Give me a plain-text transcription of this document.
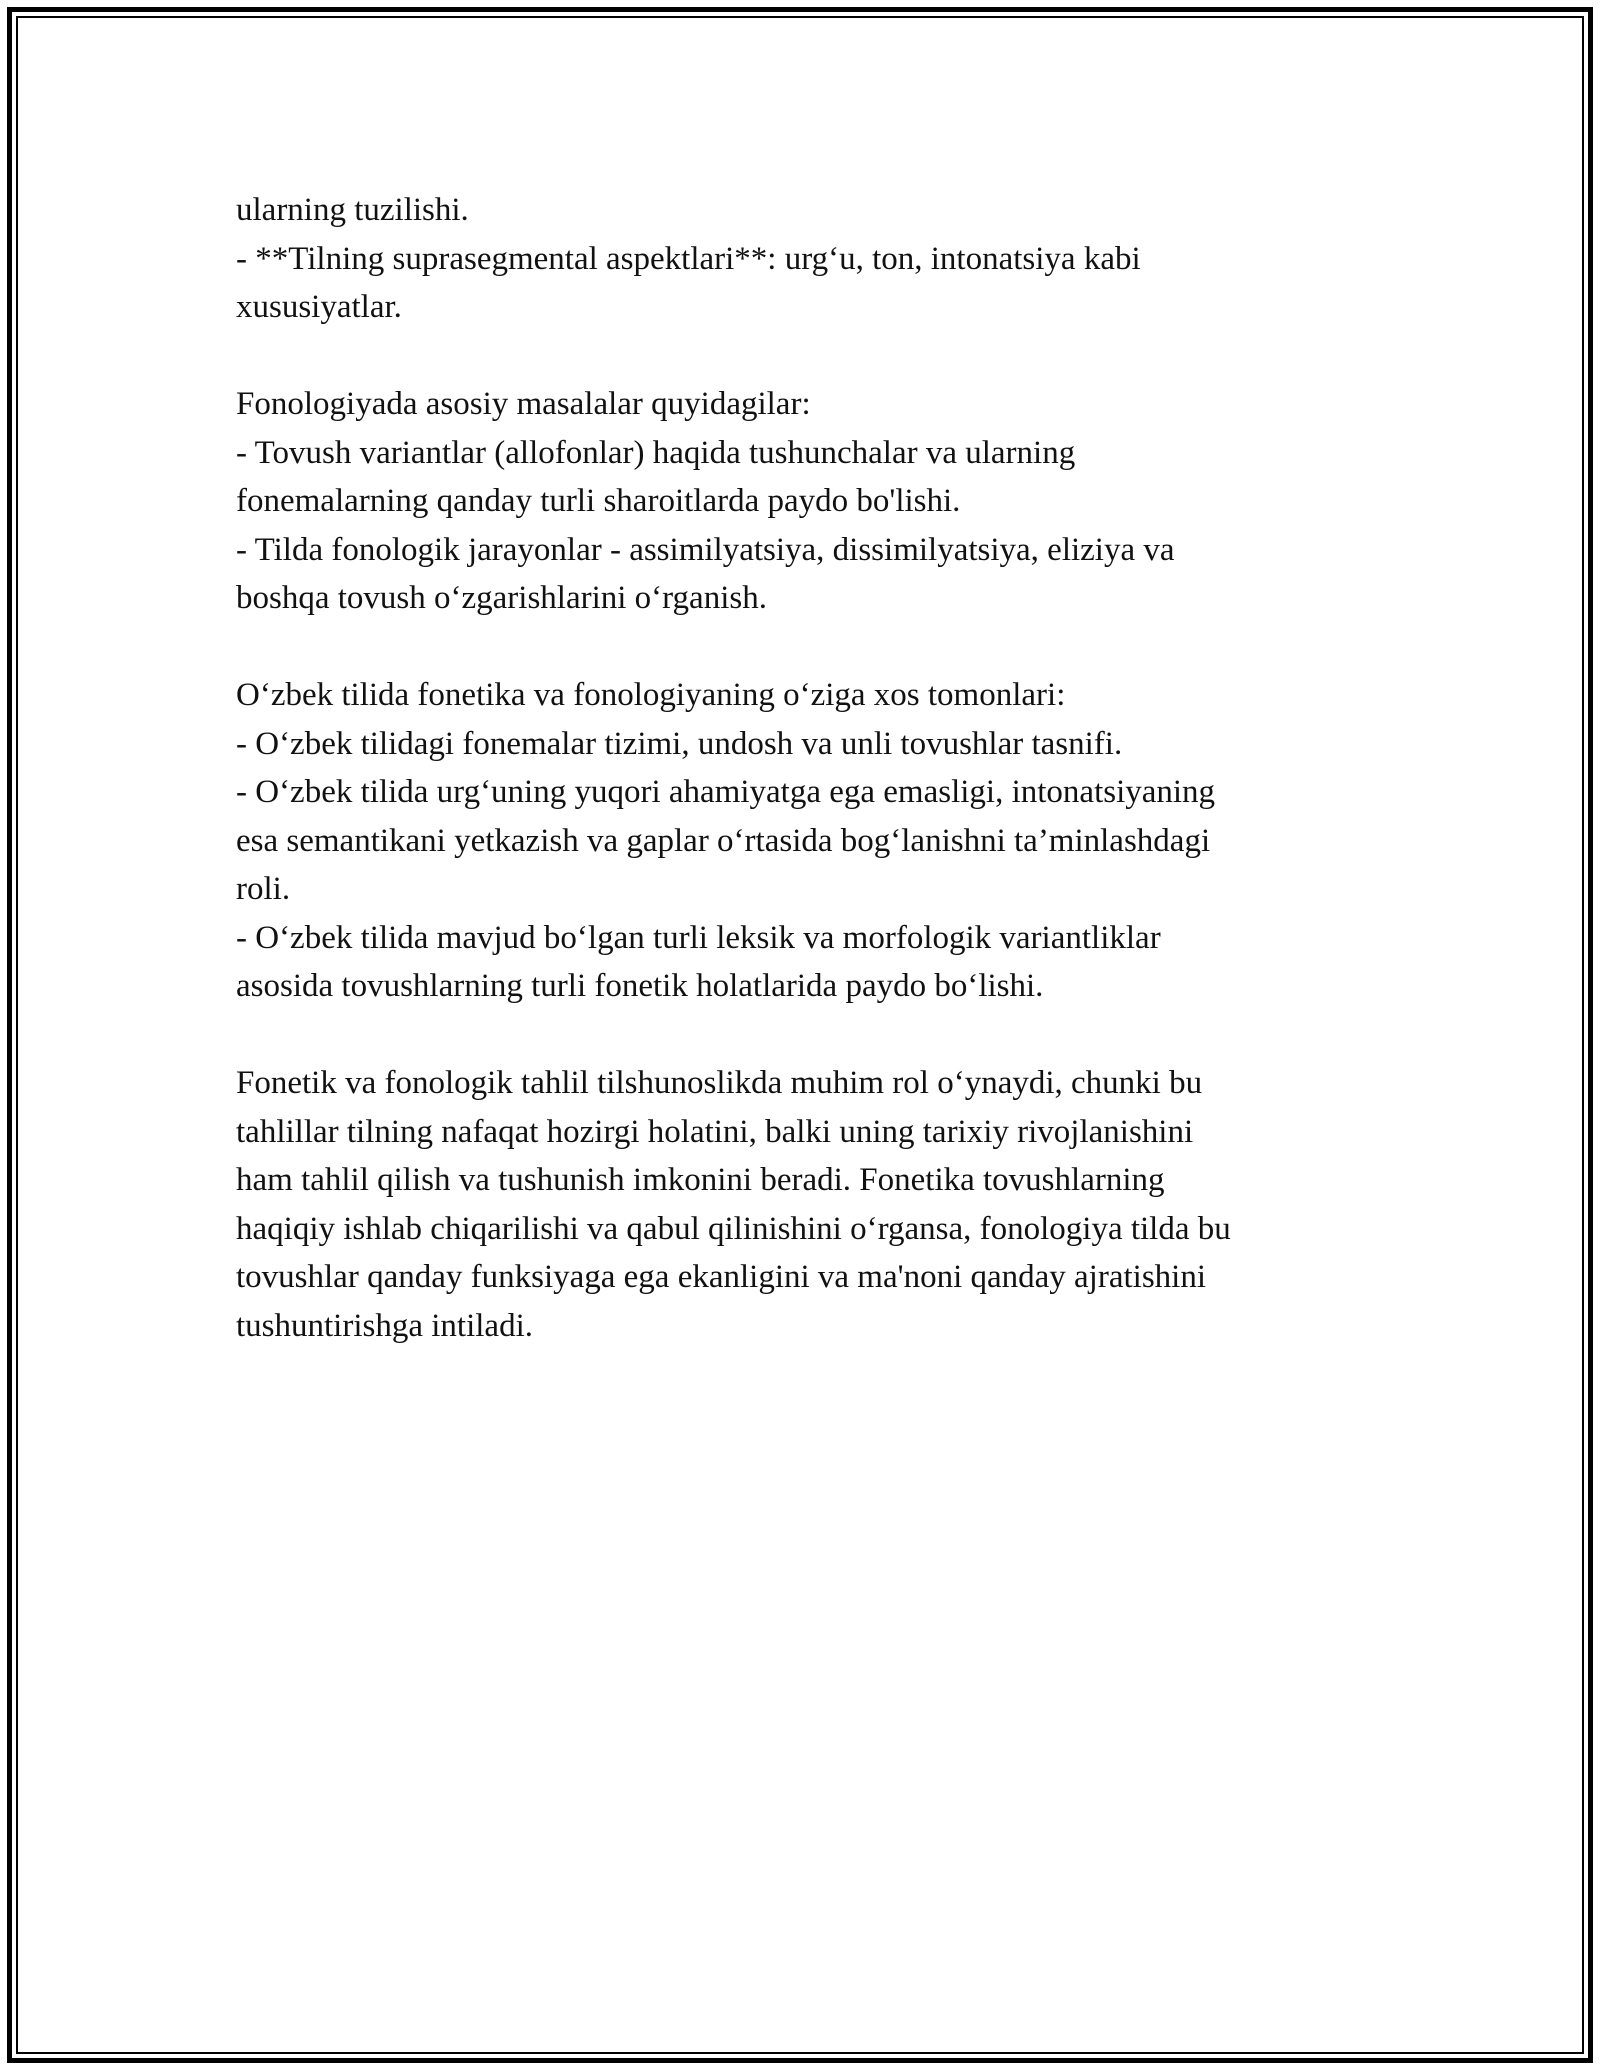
ularning tuzilishi.
- **Tilning suprasegmental aspektlari**: urg‘u, ton, intonatsiya kabi
xususiyatlar.
Fonologiyada asosiy masalalar quyidagilar:
- Tovush variantlar (allofonlar) haqida tushunchalar va ularning
fonemalarning qanday turli sharoitlarda paydo bo'lishi.
- Tilda fonologik jarayonlar - assimilyatsiya, dissimilyatsiya, eliziya va
boshqa tovush o‘zgarishlarini o‘rganish.
O‘zbek tilida fonetika va fonologiyaning o‘ziga xos tomonlari:
- O‘zbek tilidagi fonemalar tizimi, undosh va unli tovushlar tasnifi.
- O‘zbek tilida urg‘uning yuqori ahamiyatga ega emasligi, intonatsiyaning
esa semantikani yetkazish va gaplar o‘rtasida bog‘lanishni ta’minlashdagi
roli.
- O‘zbek tilida mavjud bo‘lgan turli leksik va morfologik variantliklar
asosida tovushlarning turli fonetik holatlarida paydo bo‘lishi.
Fonetik va fonologik tahlil tilshunoslikda muhim rol o‘ynaydi, chunki bu
tahlillar tilning nafaqat hozirgi holatini, balki uning tarixiy rivojlanishini
ham tahlil qilish va tushunish imkonini beradi. Fonetika tovushlarning
haqiqiy ishlab chiqarilishi va qabul qilinishini o‘rgansa, fonologiya tilda bu
tovushlar qanday funksiyaga ega ekanligini va ma'noni qanday ajratishini
tushuntirishga intiladi.
